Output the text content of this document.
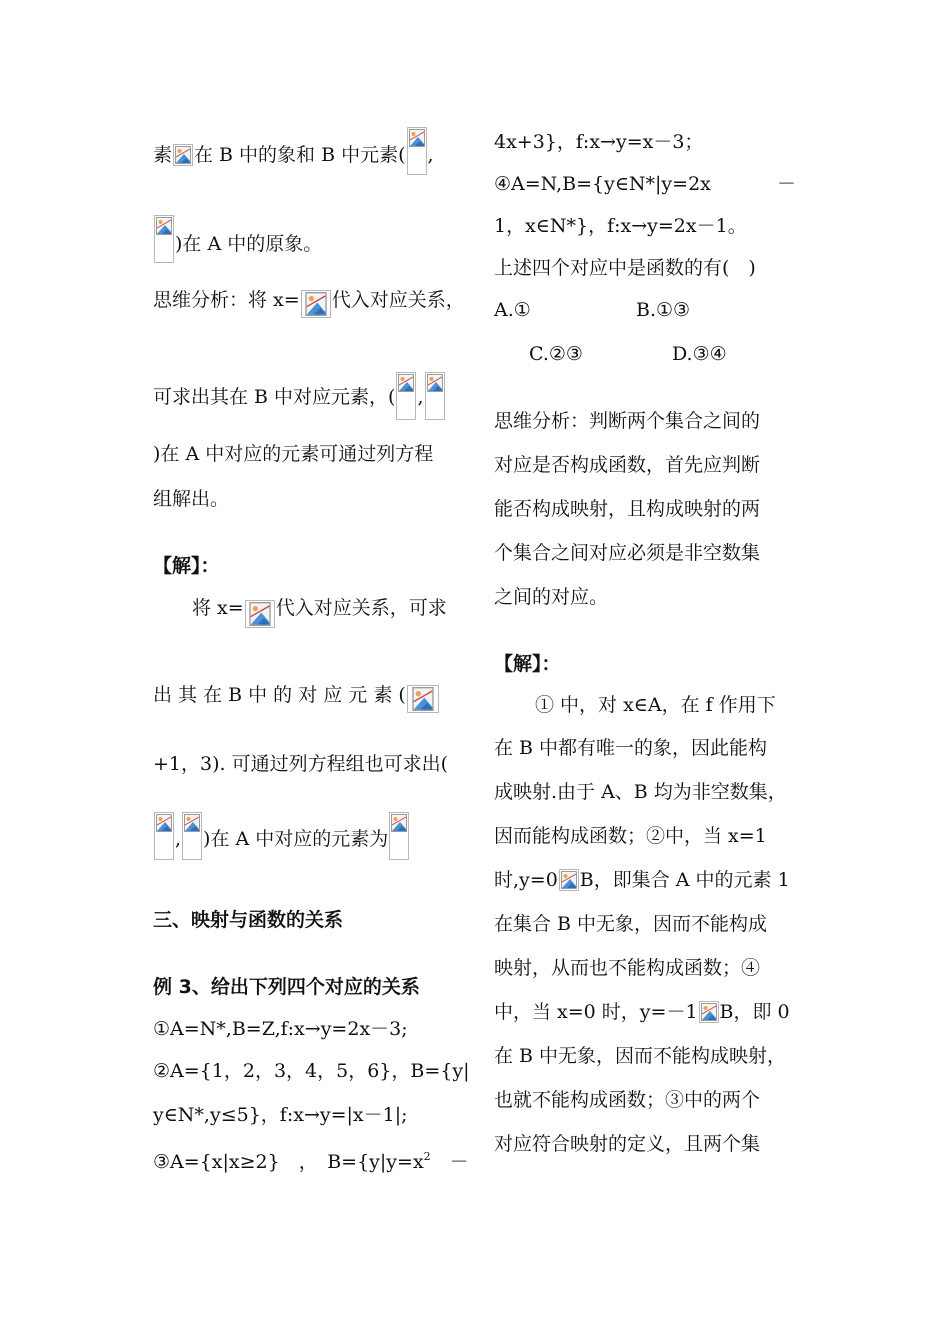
素 在 B 中的象和 B 中元素( ,
)在 A 中的原象。
思维分析：将 x= 代入对应关系，
可求出其在 B 中对应元素，( ,
)在 A 中对应的元素可通过列方程
组解出。
【解】：
将 x= 代入对应关系，可求
出 其 在 B 中 的 对 应 元 素 (
+1，3). 可通过列方程组也可求出(
, )在 A 中对应的元素为
三、映射与函数的关系
例 3、给出下列四个对应的关系
①A=N*,B=Z,f:x→y=2x－3;
②A={1，2，3，4，5，6}，B={y|
y∈N*,y≤5}，f:x→y=|x－1|;
③A={x|x≥2}　，　$B=\{y|y=x^2$　－
4x+3}，f:x→y=x－3；
④A=N,B={y∈N*|y=2x	－
1，x∈N*}，f:x→y=2x－1。
上述四个对应中是函数的有(　)
A.①	B.①③
C.②③	D.③④
思维分析：判断两个集合之间的
对应是否构成函数，首先应判断
能否构成映射，且构成映射的两
个集合之间对应必须是非空数集
之间的对应。
【解】：
① 中，对 x∈A，在 f 作用下
在 B 中都有唯一的象，因此能构
成映射.由于 A、B 均为非空数集，
因而能构成函数；②中，当 x=1
时,y=0 B，即集合 A 中的元素 1
在集合 B 中无象，因而不能构成
映射，从而也不能构成函数；④
中，当 x=0 时，y=－1 B，即 0
在 B 中无象，因而不能构成映射，
也就不能构成函数；③中的两个
对应符合映射的定义，且两个集
